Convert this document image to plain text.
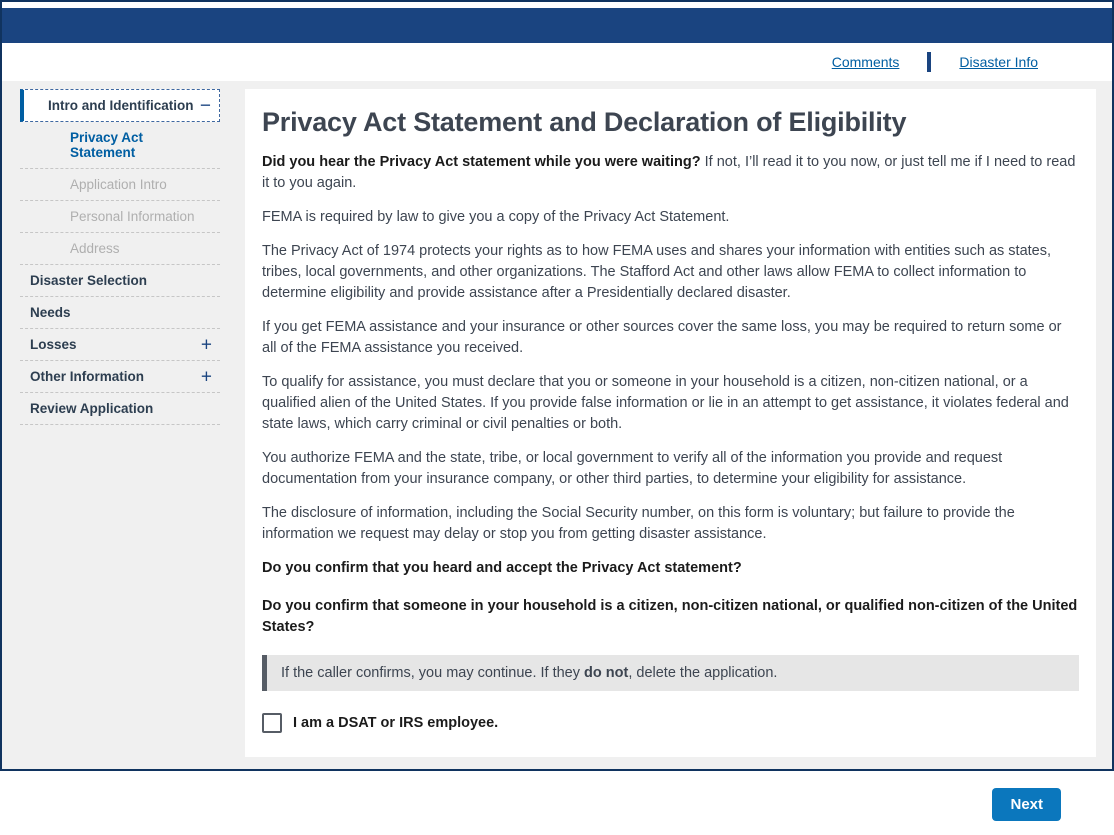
Comments	Disaster Info
Intro and Identification −
Privacy Act Statement
Application Intro
Personal Information
Address
Disaster Selection
Needs
Losses	+
Other Information	+
Review Application
Privacy Act Statement and Declaration of Eligibility

Did you hear the Privacy Act statement while you were waiting? If not, I’ll read it to you now, or just tell me if I need to read it to you again.

FEMA is required by law to give you a copy of the Privacy Act Statement.

The Privacy Act of 1974 protects your rights as to how FEMA uses and shares your information with entities such as states, tribes, local governments, and other organizations. The Stafford Act and other laws allow FEMA to collect information to determine eligibility and provide assistance after a Presidentially declared disaster.

If you get FEMA assistance and your insurance or other sources cover the same loss, you may be required to return some or all of the FEMA assistance you received.

To qualify for assistance, you must declare that you or someone in your household is a citizen, non-citizen national, or a qualified alien of the United States. If you provide false information or lie in an attempt to get assistance, it violates federal and state laws, which carry criminal or civil penalties or both.

You authorize FEMA and the state, tribe, or local government to verify all of the information you provide and request documentation from your insurance company, or other third parties, to determine your eligibility for assistance.

The disclosure of information, including the Social Security number, on this form is voluntary; but failure to provide the information we request may delay or stop you from getting disaster assistance.

Do you confirm that you heard and accept the Privacy Act statement?

Do you confirm that someone in your household is a citizen, non-citizen national, or qualified non-citizen of the United States?

If the caller confirms, you may continue. If they do not, delete the application.
I am a DSAT or IRS employee.
Next
